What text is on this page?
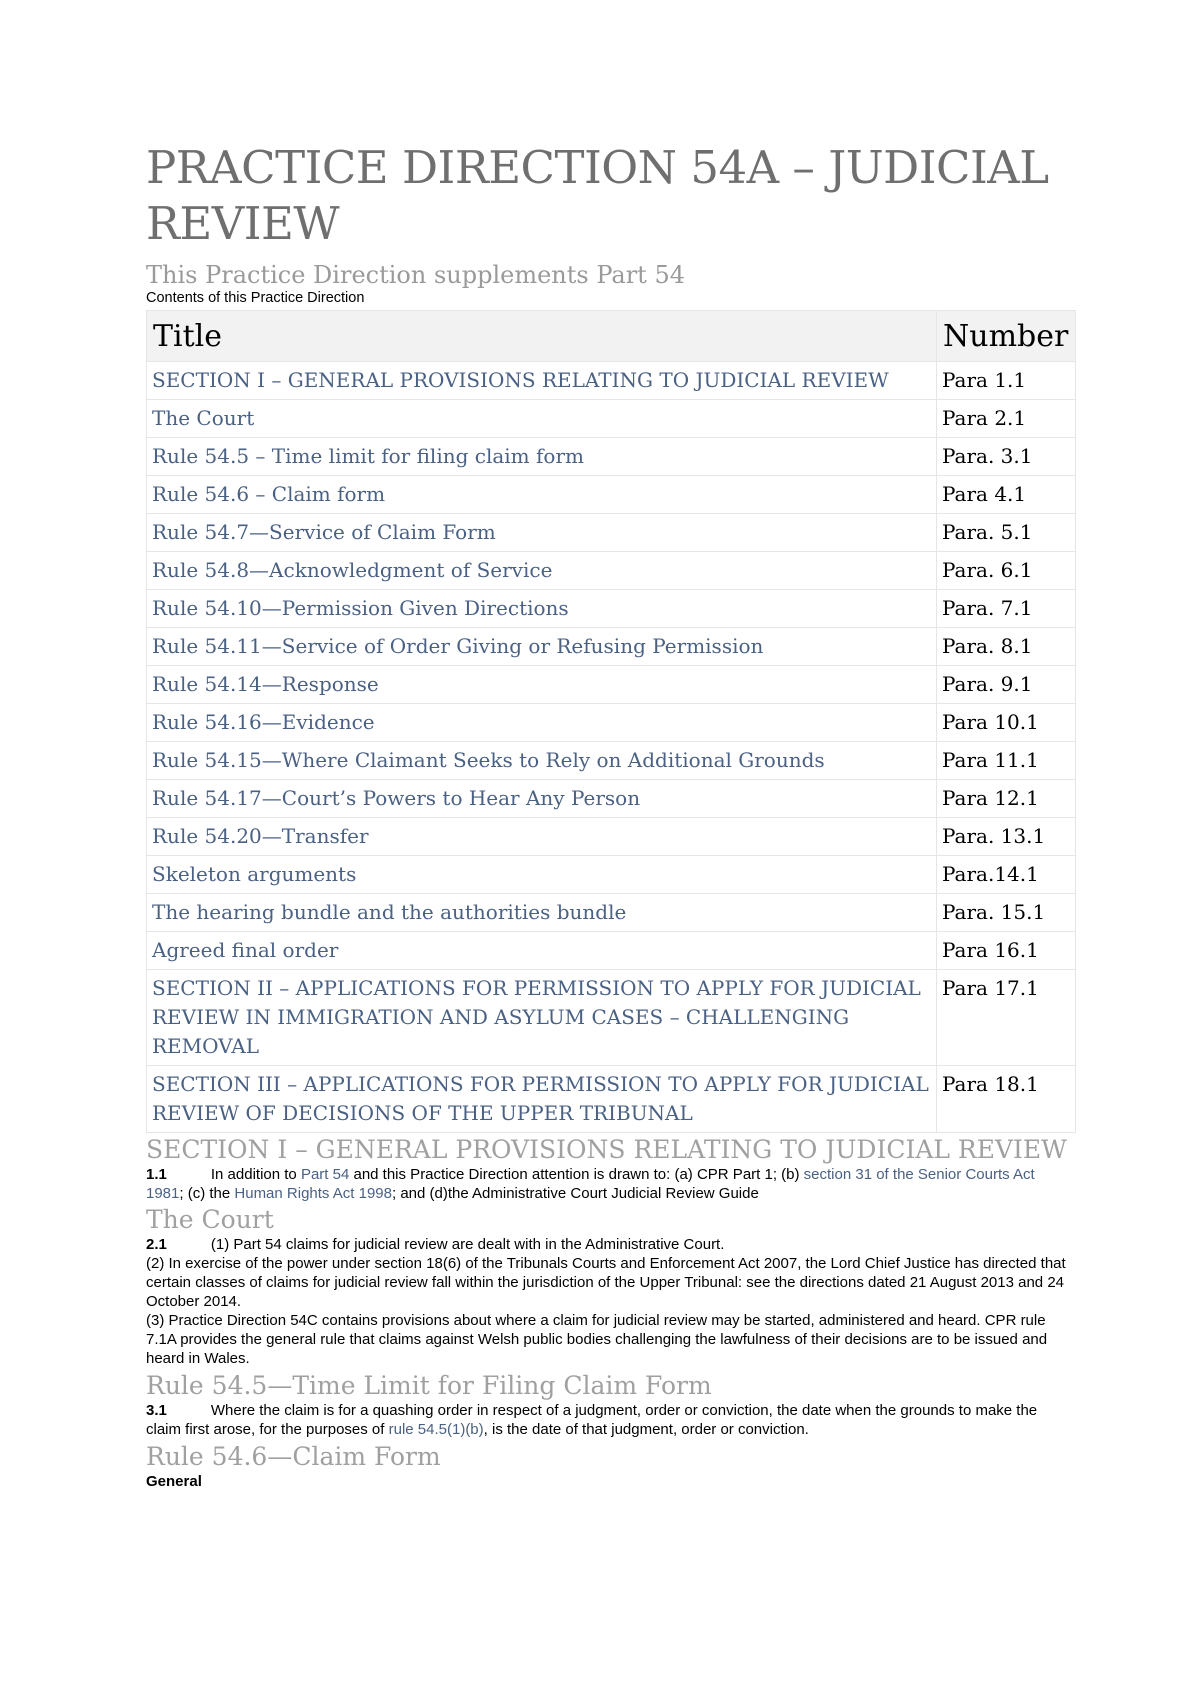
PRACTICE DIRECTION 54A – JUDICIAL REVIEW
This Practice Direction supplements Part 54

Contents of this Practice Direction

Title	Number
SECTION I – GENERAL PROVISIONS RELATING TO JUDICIAL REVIEW	Para 1.1
The Court	Para 2.1
Rule 54.5 – Time limit for filing claim form	Para. 3.1
Rule 54.6 – Claim form	Para 4.1
Rule 54.7—Service of Claim Form	Para. 5.1
Rule 54.8—Acknowledgment of Service	Para. 6.1
Rule 54.10—Permission Given Directions	Para. 7.1
Rule 54.11—Service of Order Giving or Refusing Permission	Para. 8.1
Rule 54.14—Response	Para. 9.1
Rule 54.16—Evidence	Para 10.1
Rule 54.15—Where Claimant Seeks to Rely on Additional Grounds	Para 11.1
Rule 54.17—Court’s Powers to Hear Any Person	Para 12.1
Rule 54.20—Transfer	Para. 13.1
Skeleton arguments	Para.14.1
The hearing bundle and the authorities bundle	Para. 15.1
Agreed final order	Para 16.1
SECTION II – APPLICATIONS FOR PERMISSION TO APPLY FOR JUDICIAL REVIEW IN IMMIGRATION AND ASYLUM CASES – CHALLENGING REMOVAL	Para 17.1
SECTION III – APPLICATIONS FOR PERMISSION TO APPLY FOR JUDICIAL REVIEW OF DECISIONS OF THE UPPER TRIBUNAL	Para 18.1
SECTION I – GENERAL PROVISIONS RELATING TO JUDICIAL REVIEW

1.1	In addition to Part 54 and this Practice Direction attention is drawn to: (a) CPR Part 1; (b) section 31 of the Senior Courts Act 1981; (c) the Human Rights Act 1998; and (d)the Administrative Court Judicial Review Guide

The Court

2.1	(1) Part 54 claims for judicial review are dealt with in the Administrative Court.

(2) In exercise of the power under section 18(6) of the Tribunals Courts and Enforcement Act 2007, the Lord Chief Justice has directed that certain classes of claims for judicial review fall within the jurisdiction of the Upper Tribunal: see the directions dated 21 August 2013 and 24 October 2014.

(3) Practice Direction 54C contains provisions about where a claim for judicial review may be started, administered and heard. CPR rule 7.1A provides the general rule that claims against Welsh public bodies challenging the lawfulness of their decisions are to be issued and heard in Wales.

Rule 54.5—Time Limit for Filing Claim Form

3.1	Where the claim is for a quashing order in respect of a judgment, order or conviction, the date when the grounds to make the claim first arose, for the purposes of rule 54.5(1)(b), is the date of that judgment, order or conviction.

Rule 54.6—Claim Form

General
